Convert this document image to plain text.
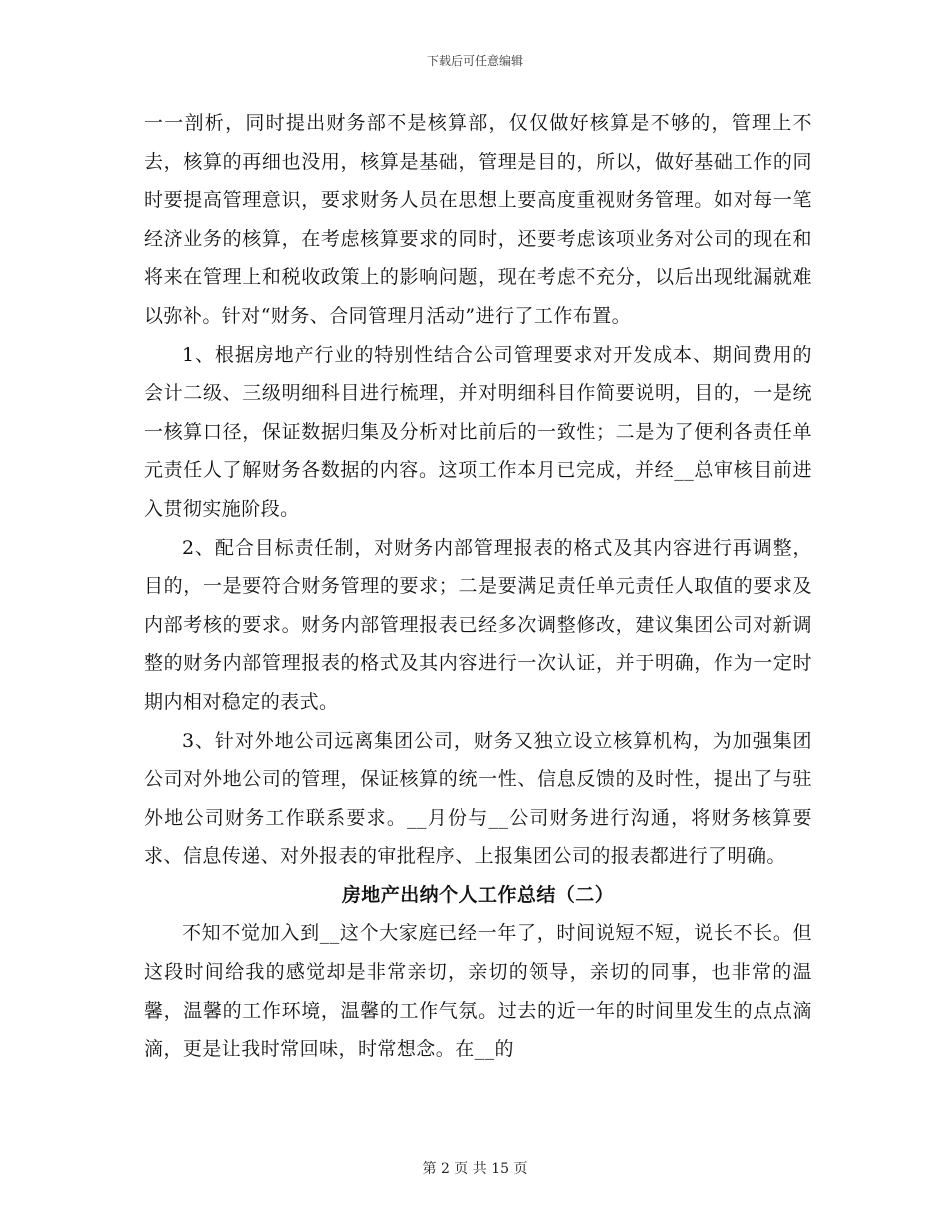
下载后可任意编辑

一一剖析，同时提出财务部不是核算部，仅仅做好核算是不够的，管理上不去，核算的再细也没用，核算是基础，管理是目的，所以，做好基础工作的同时要提高管理意识，要求财务人员在思想上要高度重视财务管理。如对每一笔经济业务的核算，在考虑核算要求的同时，还要考虑该项业务对公司的现在和将来在管理上和税收政策上的影响问题，现在考虑不充分，以后出现纰漏就难以弥补。针对“财务、合同管理月活动”进行了工作布置。

1、根据房地产行业的特别性结合公司管理要求对开发成本、期间费用的会计二级、三级明细科目进行梳理，并对明细科目作简要说明，目的，一是统一核算口径，保证数据归集及分析对比前后的一致性；二是为了便利各责任单元责任人了解财务各数据的内容。这项工作本月已完成，并经__总审核目前进入贯彻实施阶段。

2、配合目标责任制，对财务内部管理报表的格式及其内容进行再调整，目的，一是要符合财务管理的要求；二是要满足责任单元责任人取值的要求及内部考核的要求。财务内部管理报表已经多次调整修改，建议集团公司对新调整的财务内部管理报表的格式及其内容进行一次认证，并于明确，作为一定时期内相对稳定的表式。

3、针对外地公司远离集团公司，财务又独立设立核算机构，为加强集团公司对外地公司的管理，保证核算的统一性、信息反馈的及时性，提出了与驻外地公司财务工作联系要求。__月份与__公司财务进行沟通，将财务核算要求、信息传递、对外报表的审批程序、上报集团公司的报表都进行了明确。

房地产出纳个人工作总结（二）

不知不觉加入到__这个大家庭已经一年了，时间说短不短，说长不长。但这段时间给我的感觉却是非常亲切，亲切的领导，亲切的同事，也非常的温馨，温馨的工作环境，温馨的工作气氛。过去的近一年的时间里发生的点点滴滴，更是让我时常回味，时常想念。在__的

第 2 页 共 15 页
